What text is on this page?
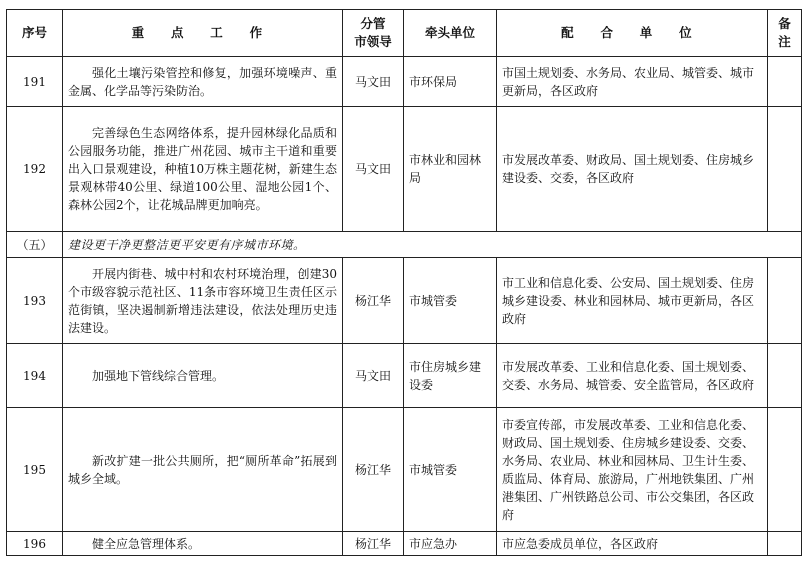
序号	重 点 工 作	分管
市领导	牵头单位	配 合 单 位	备注
191	强化土壤污染管控和修复，加强环境噪声、重金属、化学品等污染防治。	马文田	市环保局	市国土规划委、水务局、农业局、城管委、城市更新局，各区政府	
192	完善绿色生态网络体系，提升园林绿化品质和公园服务功能，推进广州花园、城市主干道和重要出入口景观建设，种植10万株主题花树，新建生态景观林带40公里、绿道100公里、湿地公园1个、森林公园2个，让花城品牌更加响亮。	马文田	市林业和园林局	市发展改革委、财政局、国土规划委、住房城乡建设委、交委，各区政府	
（五）	建设更干净更整洁更平安更有序城市环境。				
193	开展内街巷、城中村和农村环境治理，创建30个市级容貌示范社区、11条市容环境卫生责任区示范街镇，坚决遏制新增违法建设，依法处理历史违法建设。	杨江华	市城管委	市工业和信息化委、公安局、国土规划委、住房城乡建设委、林业和园林局、城市更新局，各区政府	
194	加强地下管线综合管理。	马文田	市住房城乡建设委	市发展改革委、工业和信息化委、国土规划委、交委、水务局、城管委、安全监管局，各区政府	
195	新改扩建一批公共厕所，把“厕所革命”拓展到城乡全域。	杨江华	市城管委	市委宣传部，市发展改革委、工业和信息化委、财政局、国土规划委、住房城乡建设委、交委、水务局、农业局、林业和园林局、卫生计生委、质监局、体育局、旅游局，广州地铁集团、广州港集团、广州铁路总公司、市公交集团，各区政府	
196	健全应急管理体系。	杨江华	市应急办	市应急委成员单位，各区政府	
